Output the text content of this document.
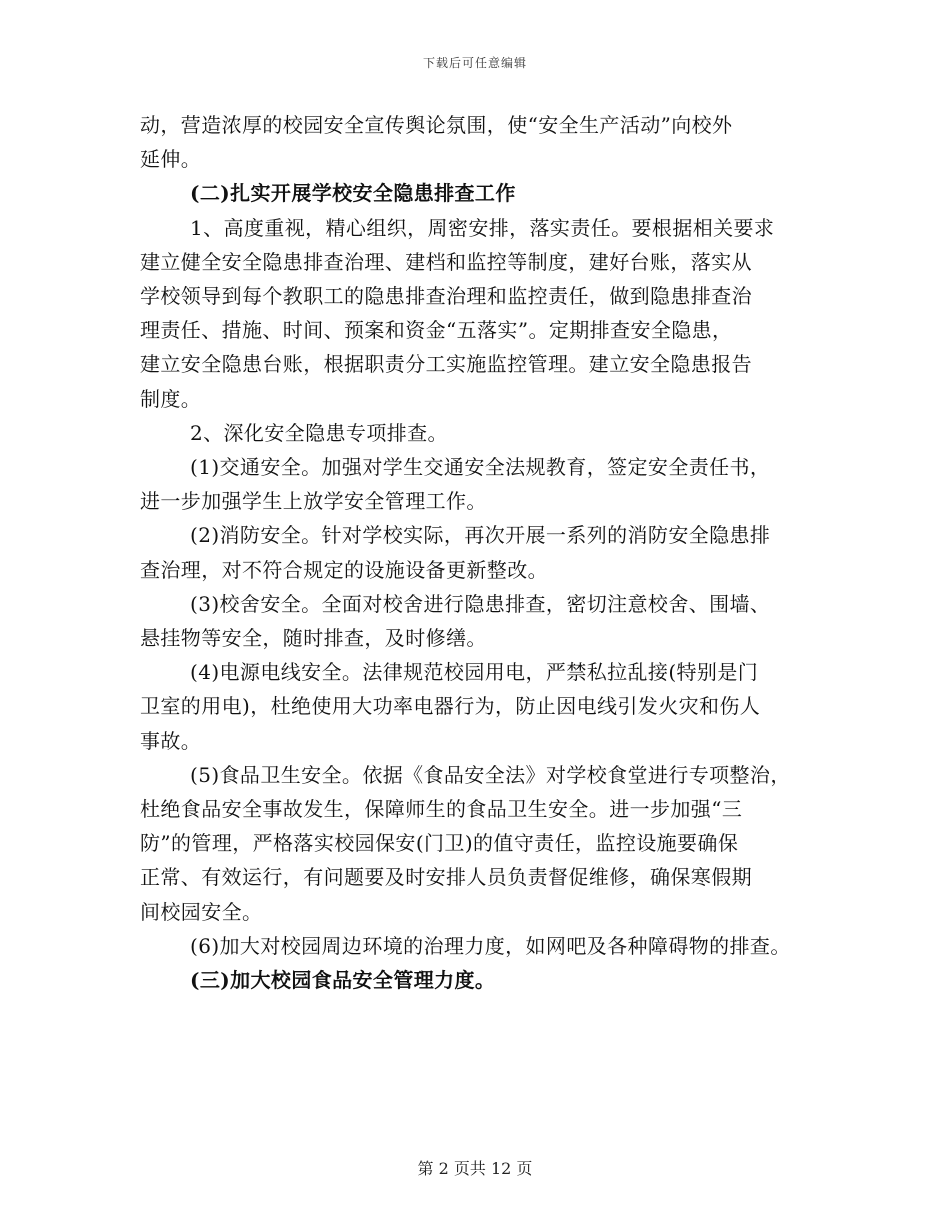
下载后可任意编辑
动，营造浓厚的校园安全宣传舆论氛围，使“安全生产活动”向校外
延伸。
(二)扎实开展学校安全隐患排查工作
1、高度重视，精心组织，周密安排，落实责任。要根据相关要求
建立健全安全隐患排查治理、建档和监控等制度，建好台账，落实从
学校领导到每个教职工的隐患排查治理和监控责任，做到隐患排查治
理责任、措施、时间、预案和资金“五落实”。定期排查安全隐患，
建立安全隐患台账，根据职责分工实施监控管理。建立安全隐患报告
制度。
2、深化安全隐患专项排查。
(1)交通安全。加强对学生交通安全法规教育，签定安全责任书，
进一步加强学生上放学安全管理工作。
(2)消防安全。针对学校实际，再次开展一系列的消防安全隐患排
查治理，对不符合规定的设施设备更新整改。
(3)校舍安全。全面对校舍进行隐患排查，密切注意校舍、围墙、
悬挂物等安全，随时排查，及时修缮。
(4)电源电线安全。法律规范校园用电，严禁私拉乱接(特别是门
卫室的用电)，杜绝使用大功率电器行为，防止因电线引发火灾和伤人
事故。
(5)食品卫生安全。依据《食品安全法》对学校食堂进行专项整治，
杜绝食品安全事故发生，保障师生的食品卫生安全。进一步加强“三
防”的管理，严格落实校园保安(门卫)的值守责任，监控设施要确保
正常、有效运行，有问题要及时安排人员负责督促维修，确保寒假期
间校园安全。
(6)加大对校园周边环境的治理力度，如网吧及各种障碍物的排查。
(三)加大校园食品安全管理力度。
第 2 页共 12 页
